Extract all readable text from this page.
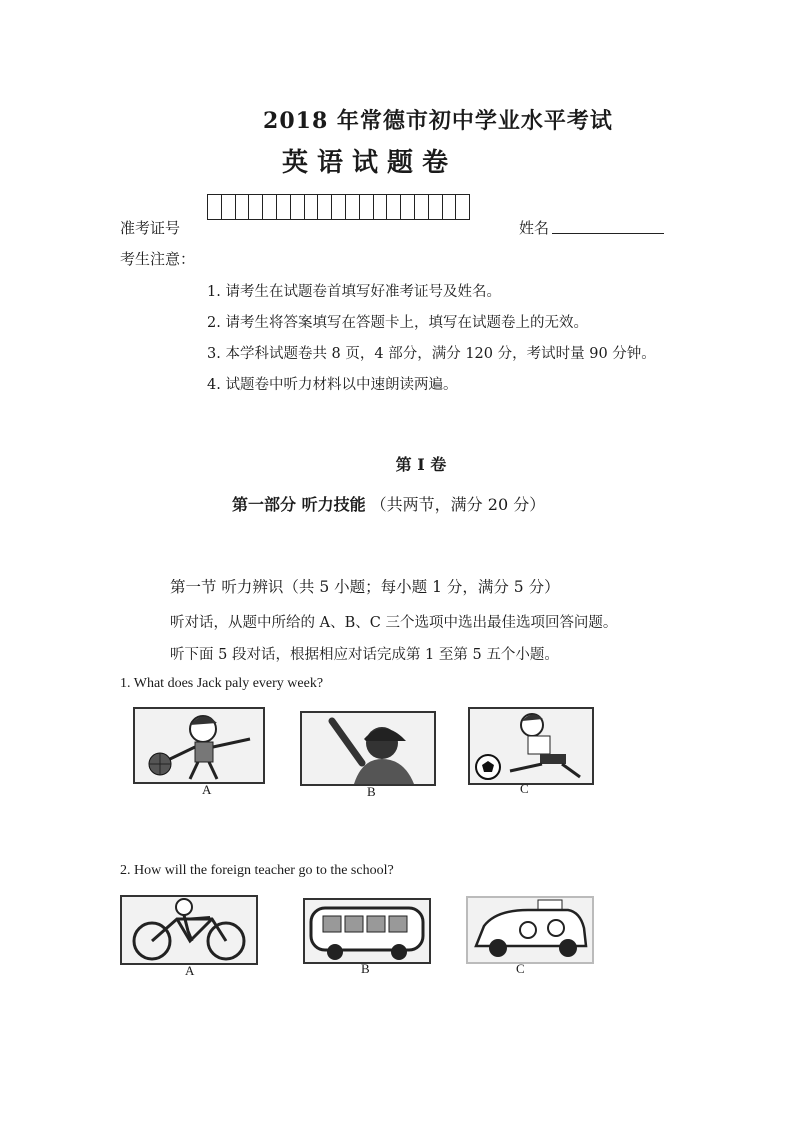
2018 年常德市初中学业水平考试
英语试题卷
准考证号	姓名
考生注意：
1. 请考生在试题卷首填写好准考证号及姓名。
2. 请考生将答案填写在答题卡上，填写在试题卷上的无效。
3. 本学科试题卷共 8 页，4 部分，满分 120 分，考试时量 90 分钟。
4. 试题卷中听力材料以中速朗读两遍。
第 I 卷
第一部分 听力技能 （共两节，满分 20 分）
第一节 听力辨识（共 5 小题；每小题 1 分，满分 5 分）
听对话，从题中所给的 A、B、C 三个选项中选出最佳选项回答问题。
听下面 5 段对话，根据相应对话完成第 1 至第 5 五个小题。
1. What does Jack paly every week?
A	B	C
2. How will the foreign teacher go to the school?
A	B	C
